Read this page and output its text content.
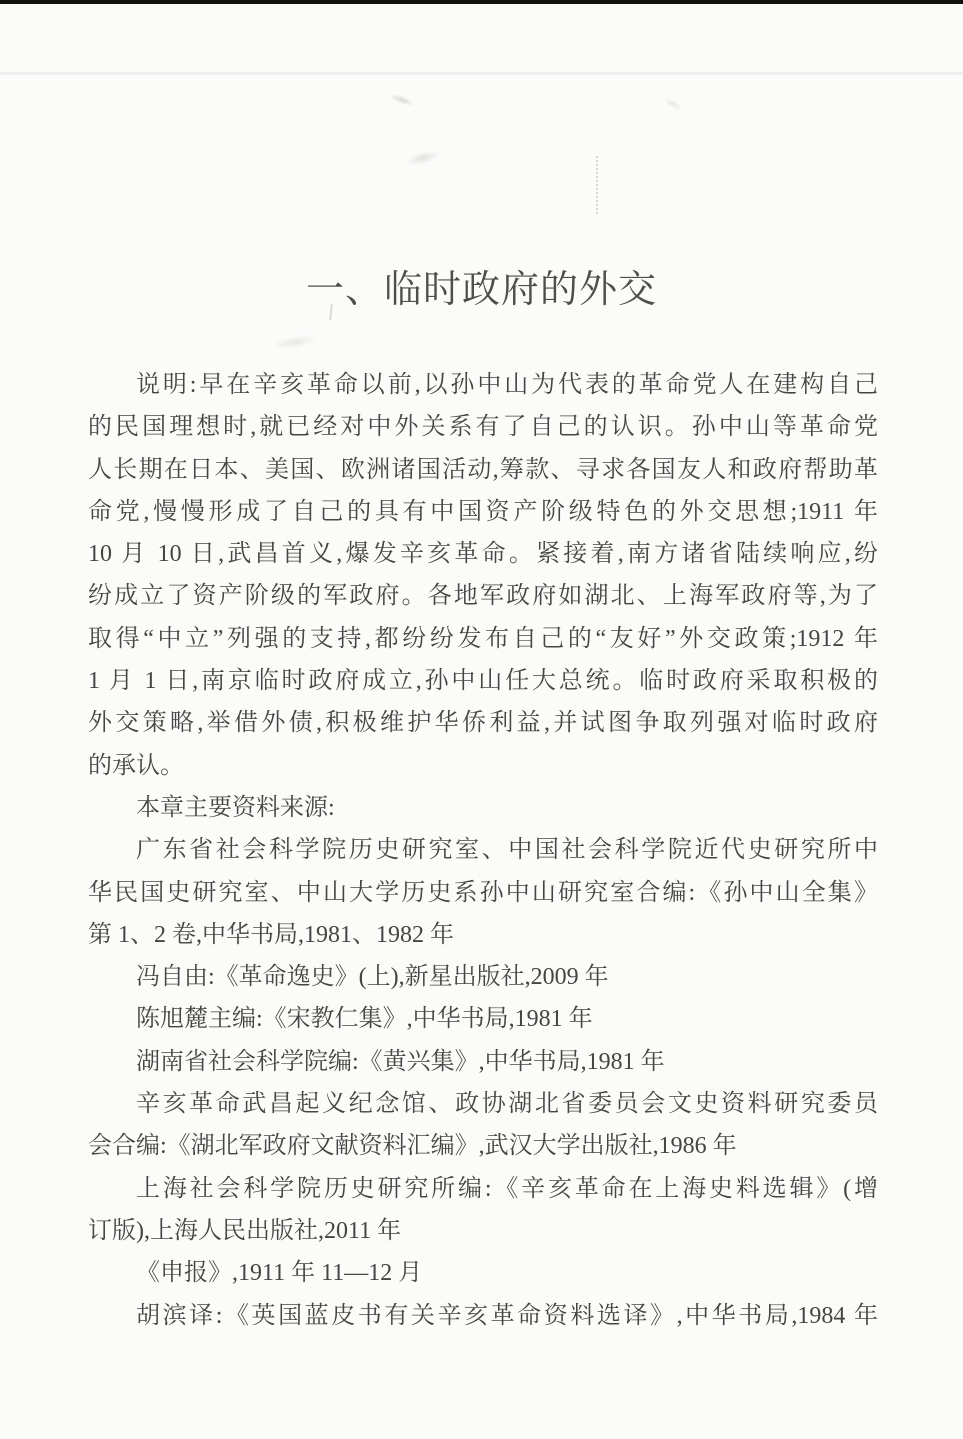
一、临时政府的外交
说明:早在辛亥革命以前,以孙中山为代表的革命党人在建构自己
的民国理想时,就已经对中外关系有了自己的认识。孙中山等革命党
人长期在日本、美国、欧洲诸国活动,筹款、寻求各国友人和政府帮助革
命党,慢慢形成了自己的具有中国资产阶级特色的外交思想;1911 年
10 月 10 日,武昌首义,爆发辛亥革命。紧接着,南方诸省陆续响应,纷
纷成立了资产阶级的军政府。各地军政府如湖北、上海军政府等,为了
取得“中立”列强的支持,都纷纷发布自己的“友好”外交政策;1912 年
1 月 1 日,南京临时政府成立,孙中山任大总统。临时政府采取积极的
外交策略,举借外债,积极维护华侨利益,并试图争取列强对临时政府
的承认。
本章主要资料来源:
广东省社会科学院历史研究室、中国社会科学院近代史研究所中
华民国史研究室、中山大学历史系孙中山研究室合编:《孙中山全集》
第 1、2 卷,中华书局,1981、1982 年
冯自由:《革命逸史》(上),新星出版社,2009 年
陈旭麓主编:《宋教仁集》,中华书局,1981 年
湖南省社会科学院编:《黄兴集》,中华书局,1981 年
辛亥革命武昌起义纪念馆、政协湖北省委员会文史资料研究委员
会合编:《湖北军政府文献资料汇编》,武汉大学出版社,1986 年
上海社会科学院历史研究所编:《辛亥革命在上海史料选辑》(增
订版),上海人民出版社,2011 年
《申报》,1911 年 11—12 月
胡滨译:《英国蓝皮书有关辛亥革命资料选译》,中华书局,1984 年
